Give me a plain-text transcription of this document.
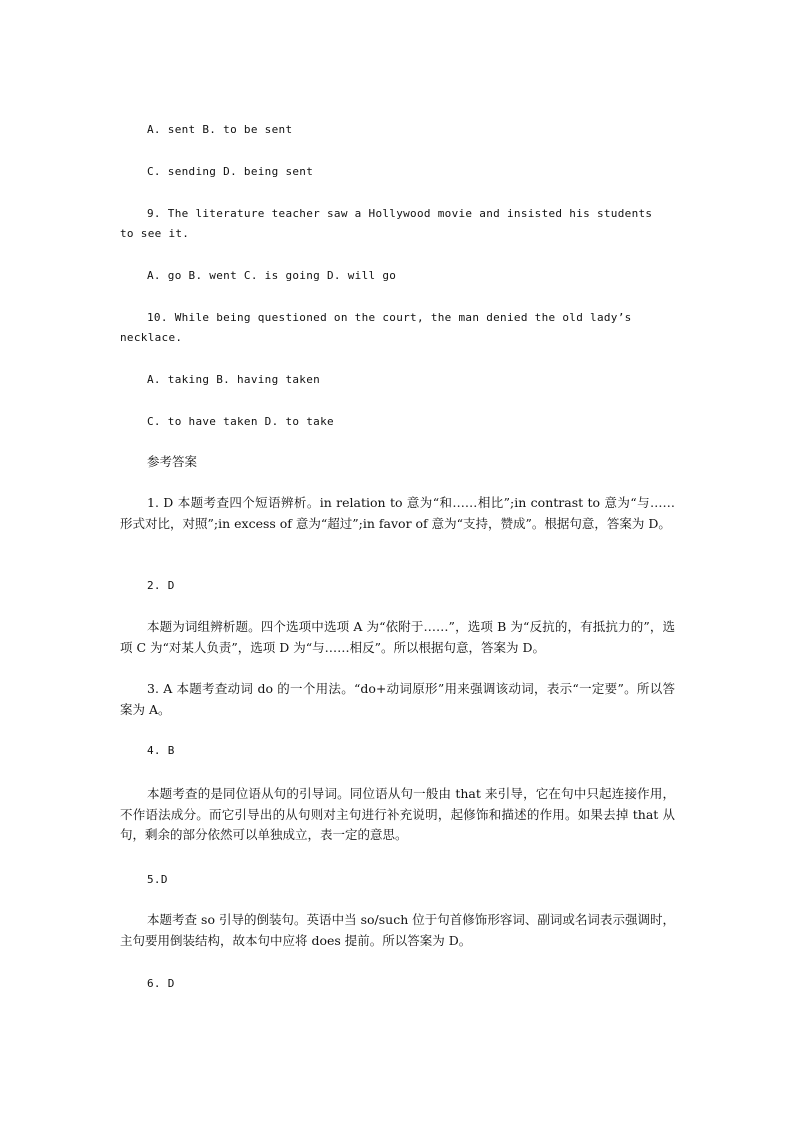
A. sent B. to be sent

C. sending D. being sent

9. The literature teacher saw a Hollywood movie and insisted his students
to see it.

A. go B. went C. is going D. will go

10. While being questioned on the court, the man denied the old lady’s
necklace.

A. taking B. having taken

C. to have taken D. to take

参考答案

1. D 本题考查四个短语辨析。in relation to 意为“和……相比”;in contrast to 意为“与……形式对比，对照”;in excess of 意为“超过”;in favor of 意为“支持，赞成”。根据句意，答案为 D。

2. D

本题为词组辨析题。四个选项中选项 A 为“依附于……”，选项 B 为“反抗的，有抵抗力的”，选项 C 为“对某人负责”，选项 D 为“与……相反”。所以根据句意，答案为 D。

3. A 本题考查动词 do 的一个用法。“do+动词原形”用来强调该动词，表示“一定要”。所以答案为 A。

4. B

本题考查的是同位语从句的引导词。同位语从句一般由 that 来引导，它在句中只起连接作用，不作语法成分。而它引导出的从句则对主句进行补充说明，起修饰和描述的作用。如果去掉 that 从句，剩余的部分依然可以单独成立，表一定的意思。

5.D

本题考查 so 引导的倒装句。英语中当 so/such 位于句首修饰形容词、副词或名词表示强调时，主句要用倒装结构，故本句中应将 does 提前。所以答案为 D。

6. D
